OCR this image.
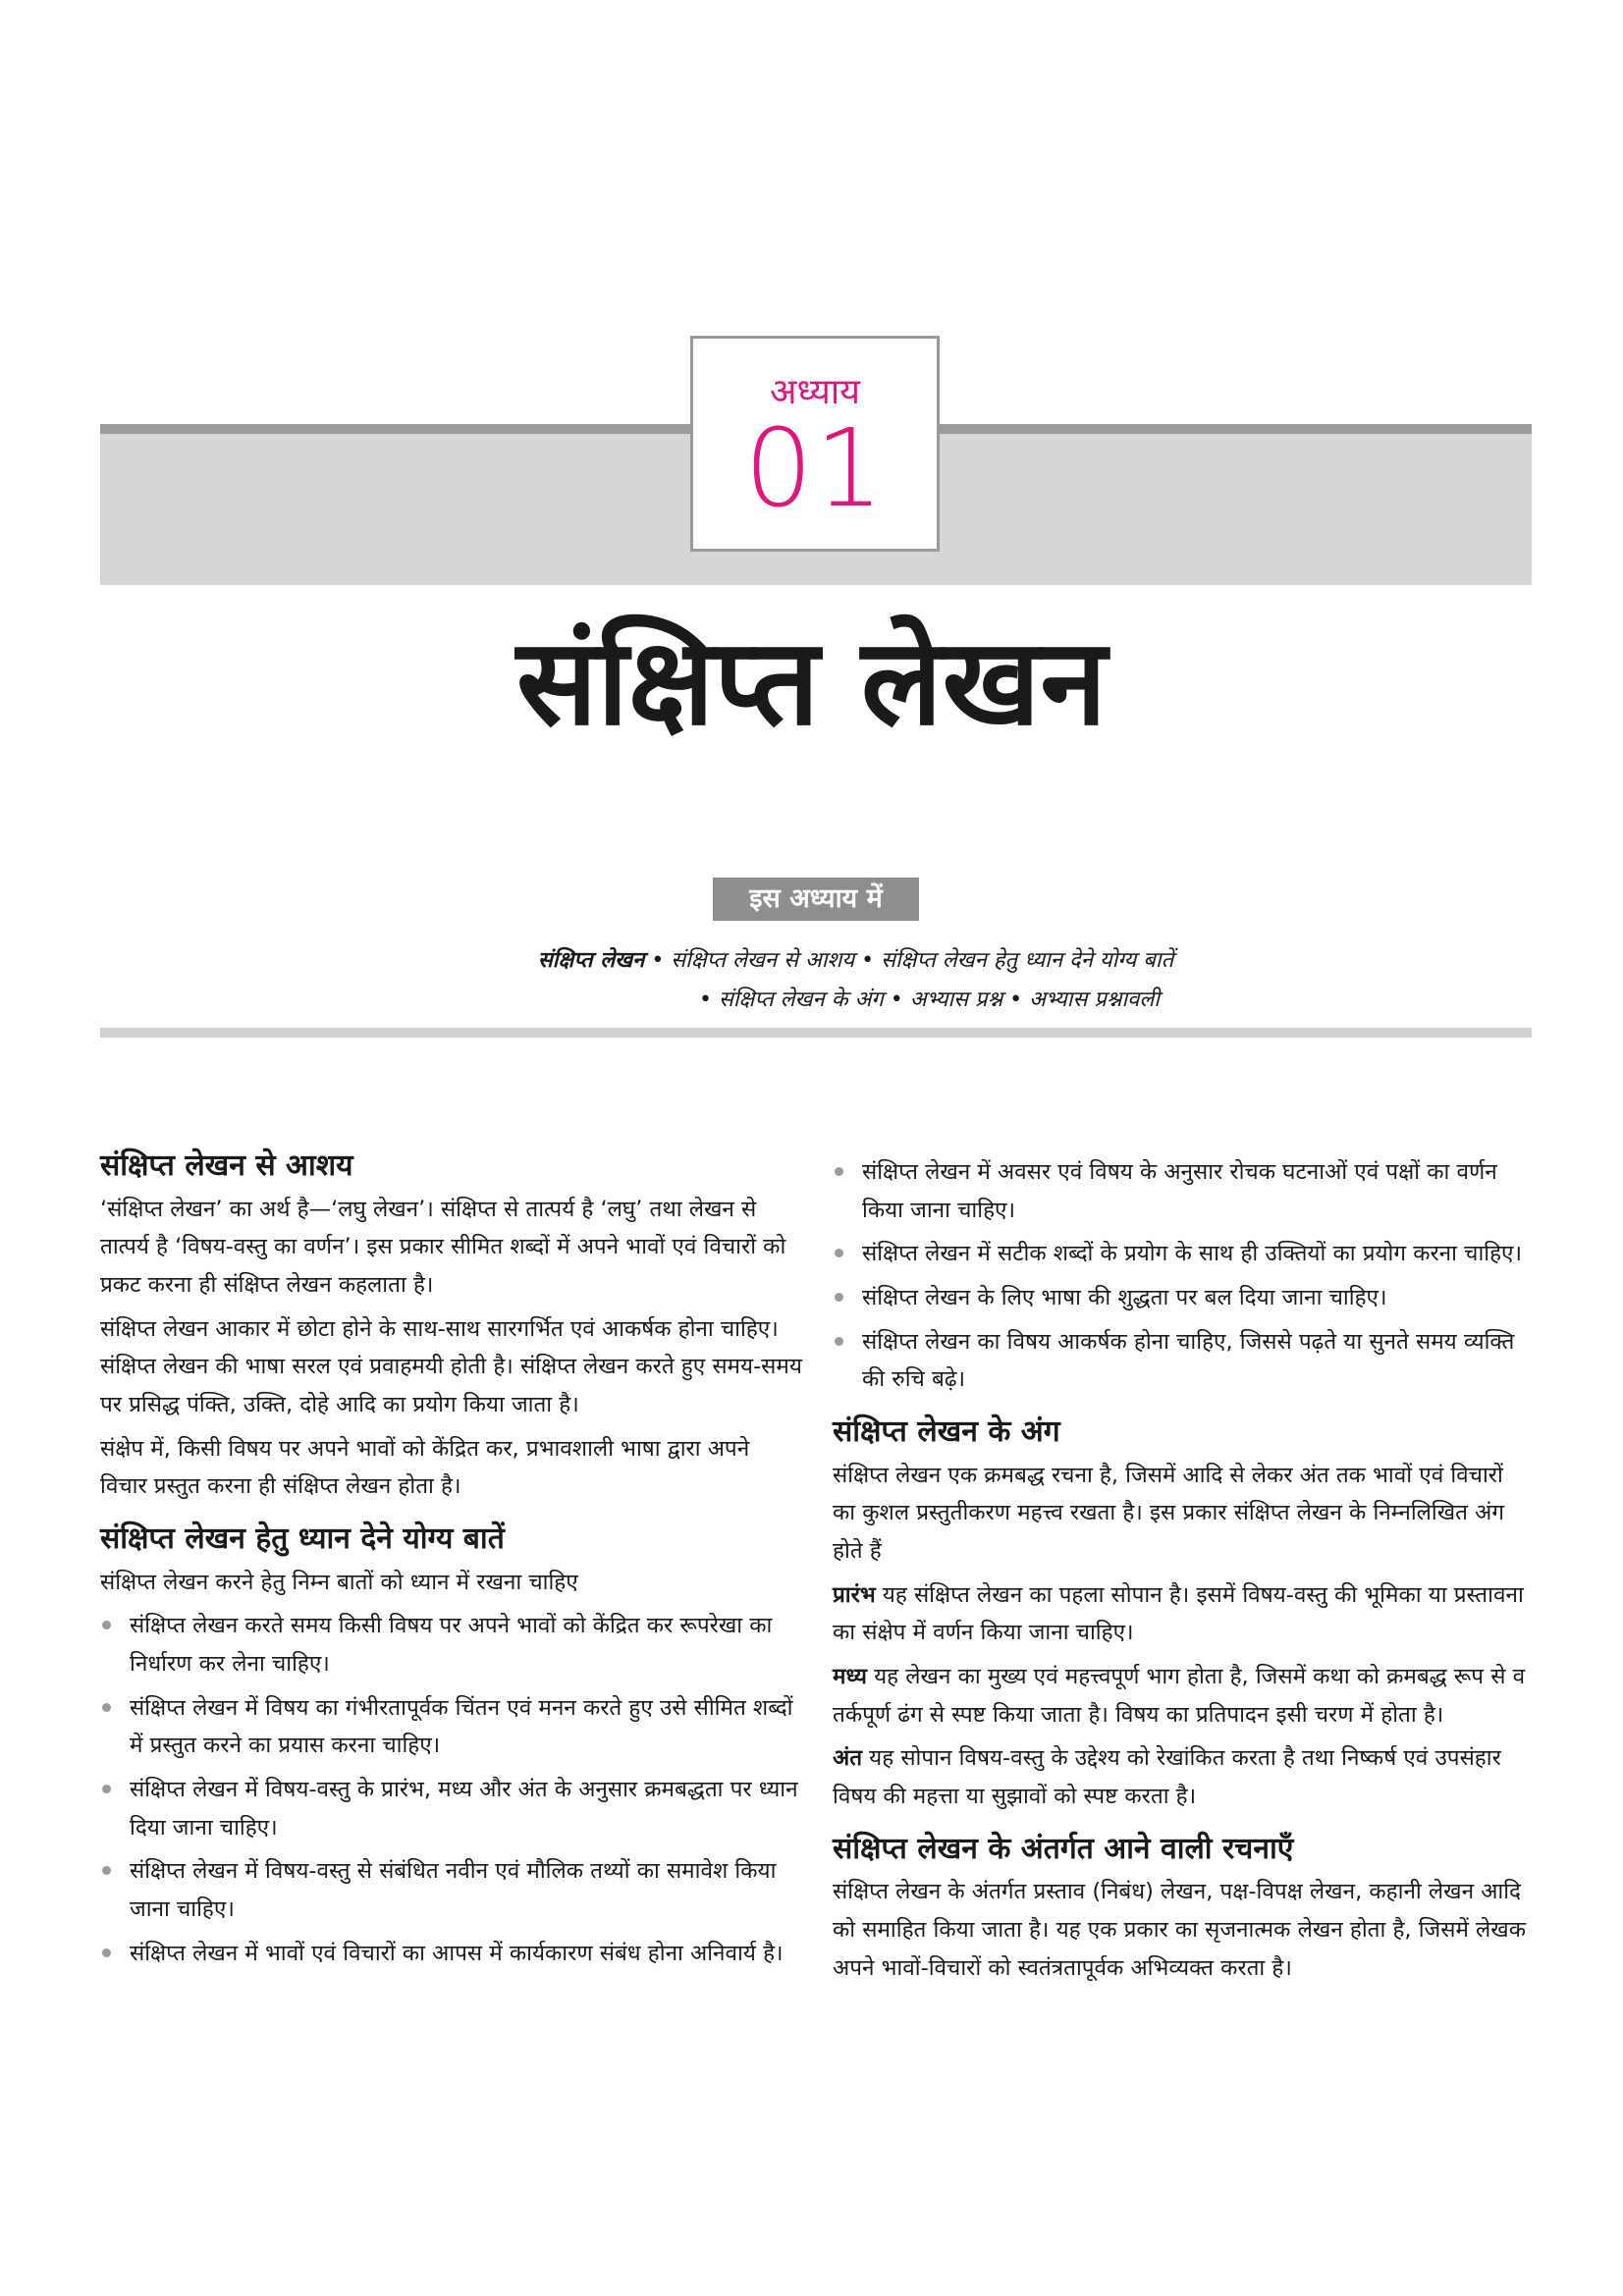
अध्याय
01
संक्षिप्त लेखन
इस अध्याय में
संक्षिप्त लेखन • संक्षिप्त लेखन से आशय • संक्षिप्त लेखन हेतु ध्यान देने योग्य बातें
• संक्षिप्त लेखन के अंग • अभ्यास प्रश्न • अभ्यास प्रश्नावली
संक्षिप्त लेखन से आशय

‘संक्षिप्त लेखन’ का अर्थ है—‘लघु लेखन’। संक्षिप्त से तात्पर्य है ‘लघु’ तथा लेखन से तात्पर्य है ‘विषय-वस्तु का वर्णन’। इस प्रकार सीमित शब्दों में अपने भावों एवं विचारों को प्रकट करना ही संक्षिप्त लेखन कहलाता है।

संक्षिप्त लेखन आकार में छोटा होने के साथ-साथ सारगर्भित एवं आकर्षक होना चाहिए। संक्षिप्त लेखन की भाषा सरल एवं प्रवाहमयी होती है। संक्षिप्त लेखन करते हुए समय-समय पर प्रसिद्ध पंक्ति, उक्ति, दोहे आदि का प्रयोग किया जाता है।

संक्षेप में, किसी विषय पर अपने भावों को केंद्रित कर, प्रभावशाली भाषा द्वारा अपने विचार प्रस्तुत करना ही संक्षिप्त लेखन होता है।

संक्षिप्त लेखन हेतु ध्यान देने योग्य बातें

संक्षिप्त लेखन करने हेतु निम्न बातों को ध्यान में रखना चाहिए

संक्षिप्त लेखन करते समय किसी विषय पर अपने भावों को केंद्रित कर रूपरेखा का निर्धारण कर लेना चाहिए।
संक्षिप्त लेखन में विषय का गंभीरतापूर्वक चिंतन एवं मनन करते हुए उसे सीमित शब्दों में प्रस्तुत करने का प्रयास करना चाहिए।
संक्षिप्त लेखन में विषय-वस्तु के प्रारंभ, मध्य और अंत के अनुसार क्रमबद्धता पर ध्यान दिया जाना चाहिए।
संक्षिप्त लेखन में विषय-वस्तु से संबंधित नवीन एवं मौलिक तथ्यों का समावेश किया जाना चाहिए।
संक्षिप्त लेखन में भावों एवं विचारों का आपस में कार्यकारण संबंध होना अनिवार्य है।
संक्षिप्त लेखन में अवसर एवं विषय के अनुसार रोचक घटनाओं एवं पक्षों का वर्णन किया जाना चाहिए।
संक्षिप्त लेखन में सटीक शब्दों के प्रयोग के साथ ही उक्तियों का प्रयोग करना चाहिए।
संक्षिप्त लेखन के लिए भाषा की शुद्धता पर बल दिया जाना चाहिए।
संक्षिप्त लेखन का विषय आकर्षक होना चाहिए, जिससे पढ़ते या सुनते समय व्यक्ति की रुचि बढ़े।
संक्षिप्त लेखन के अंग

संक्षिप्त लेखन एक क्रमबद्ध रचना है, जिसमें आदि से लेकर अंत तक भावों एवं विचारों का कुशल प्रस्तुतीकरण महत्त्व रखता है। इस प्रकार संक्षिप्त लेखन के निम्नलिखित अंग होते हैं

प्रारंभ यह संक्षिप्त लेखन का पहला सोपान है। इसमें विषय-वस्तु की भूमिका या प्रस्तावना का संक्षेप में वर्णन किया जाना चाहिए।

मध्य यह लेखन का मुख्य एवं महत्त्वपूर्ण भाग होता है, जिसमें कथा को क्रमबद्ध रूप से व तर्कपूर्ण ढंग से स्पष्ट किया जाता है। विषय का प्रतिपादन इसी चरण में होता है।

अंत यह सोपान विषय-वस्तु के उद्देश्य को रेखांकित करता है तथा निष्कर्ष एवं उपसंहार विषय की महत्ता या सुझावों को स्पष्ट करता है।

संक्षिप्त लेखन के अंतर्गत आने वाली रचनाएँ

संक्षिप्त लेखन के अंतर्गत प्रस्ताव (निबंध) लेखन, पक्ष-विपक्ष लेखन, कहानी लेखन आदि को समाहित किया जाता है। यह एक प्रकार का सृजनात्मक लेखन होता है, जिसमें लेखक अपने भावों-विचारों को स्वतंत्रतापूर्वक अभिव्यक्त करता है।
